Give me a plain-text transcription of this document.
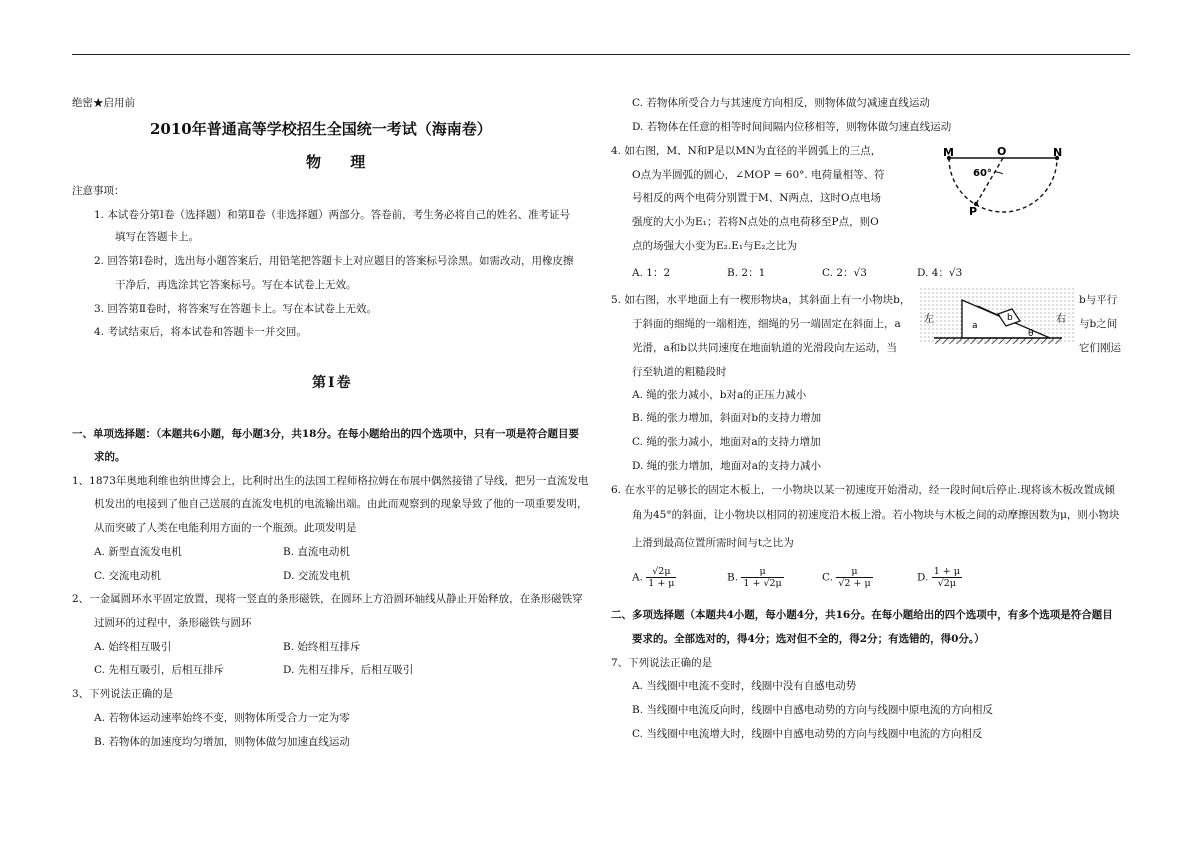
绝密★启用前
2010年普通高等学校招生全国统一考试（海南卷）
物 理
注意事项：
1. 本试卷分第Ⅰ卷（选择题）和第Ⅱ卷（非选择题）两部分。答卷前，考生务必将自己的姓名、准考证号
填写在答题卡上。
2. 回答第Ⅰ卷时，选出每小题答案后，用铅笔把答题卡上对应题目的答案标号涂黑。如需改动，用橡皮擦
干净后，再选涂其它答案标号。写在本试卷上无效。
3. 回答第Ⅱ卷时，将答案写在答题卡上。写在本试卷上无效。
4. 考试结束后，将本试卷和答题卡一并交回。
第Ⅰ卷
一、单项选择题：（本题共6小题，每小题3分，共18分。在每小题给出的四个选项中，只有一项是符合题目要
求的。
1、1873年奥地利维也纳世博会上，比利时出生的法国工程师格拉姆在布展中偶然接错了导线，把另一直流发电
机发出的电接到了他自己送展的直流发电机的电流输出端。由此而观察到的现象导致了他的一项重要发明，
从而突破了人类在电能利用方面的一个瓶颈。此项发明是
A. 新型直流发电机	B. 直流电动机
C. 交流电动机	D. 交流发电机
2、一金属圆环水平固定放置，现将一竖直的条形磁铁，在圆环上方沿圆环轴线从静止开始释放，在条形磁铁穿
过圆环的过程中，条形磁铁与圆环
A. 始终相互吸引	B. 始终相互排斥
C. 先相互吸引，后相互排斥	D. 先相互排斥，后相互吸引
3、下列说法正确的是
A. 若物体运动速率始终不变，则物体所受合力一定为零
B. 若物体的加速度均匀增加，则物体做匀加速直线运动
C. 若物体所受合力与其速度方向相反，则物体做匀减速直线运动
D. 若物体在任意的相等时间间隔内位移相等，则物体做匀速直线运动
4. 如右图，M、N和P是以MN为直径的半圆弧上的三点，
O点为半圆弧的圆心，∠MOP = 60°. 电荷量相等、符
号相反的两个电荷分别置于M、N两点，这时O点电场
强度的大小为E₁；若将N点处的点电荷移至P点，则O
点的场强大小变为E₂.E₁与E₂之比为
M	O	N
P
60°
A. 1：2	B. 2：1	C. 2：√3	D. 4：√3
5. 如右图，水平地面上有一楔形物块a，其斜面上有一小物块b，
于斜面的细绳的一端相连，细绳的另一端固定在斜面上，a
光滑，a和b以共同速度在地面轨道的光滑段向左运动，当
行至轨道的粗糙段时
b与平行
与b之间
它们刚运
左	右
a
b
θ
A. 绳的张力减小，b对a的正压力减小
B. 绳的张力增加，斜面对b的支持力增加
C. 绳的张力减小，地面对a的支持力增加
D. 绳的张力增加，地面对a的支持力减小
6. 在水平的足够长的固定木板上，一小物块以某一初速度开始滑动，经一段时间t后停止.现将该木板改置成倾
角为45°的斜面，让小物块以相同的初速度沿木板上滑。若小物块与木板之间的动摩擦因数为μ，则小物块
上滑到最高位置所需时间与t之比为
A. $\frac{√2\mu}{1 + \mu}$	B. $\frac{\mu}{1 + √2\mu}$	C. $\frac{\mu}{√2 + \mu}$	D. $\frac{1 + \mu}{√2\mu}$
二、多项选择题（本题共4小题，每小题4分，共16分。在每小题给出的四个选项中，有多个选项是符合题目
要求的。全部选对的，得4分；选对但不全的，得2分；有选错的，得0分。）
7、下列说法正确的是
A. 当线圈中电流不变时，线圈中没有自感电动势
B. 当线圈中电流反向时，线圈中自感电动势的方向与线圈中原电流的方向相反
C. 当线圈中电流增大时，线圈中自感电动势的方向与线圈中电流的方向相反
